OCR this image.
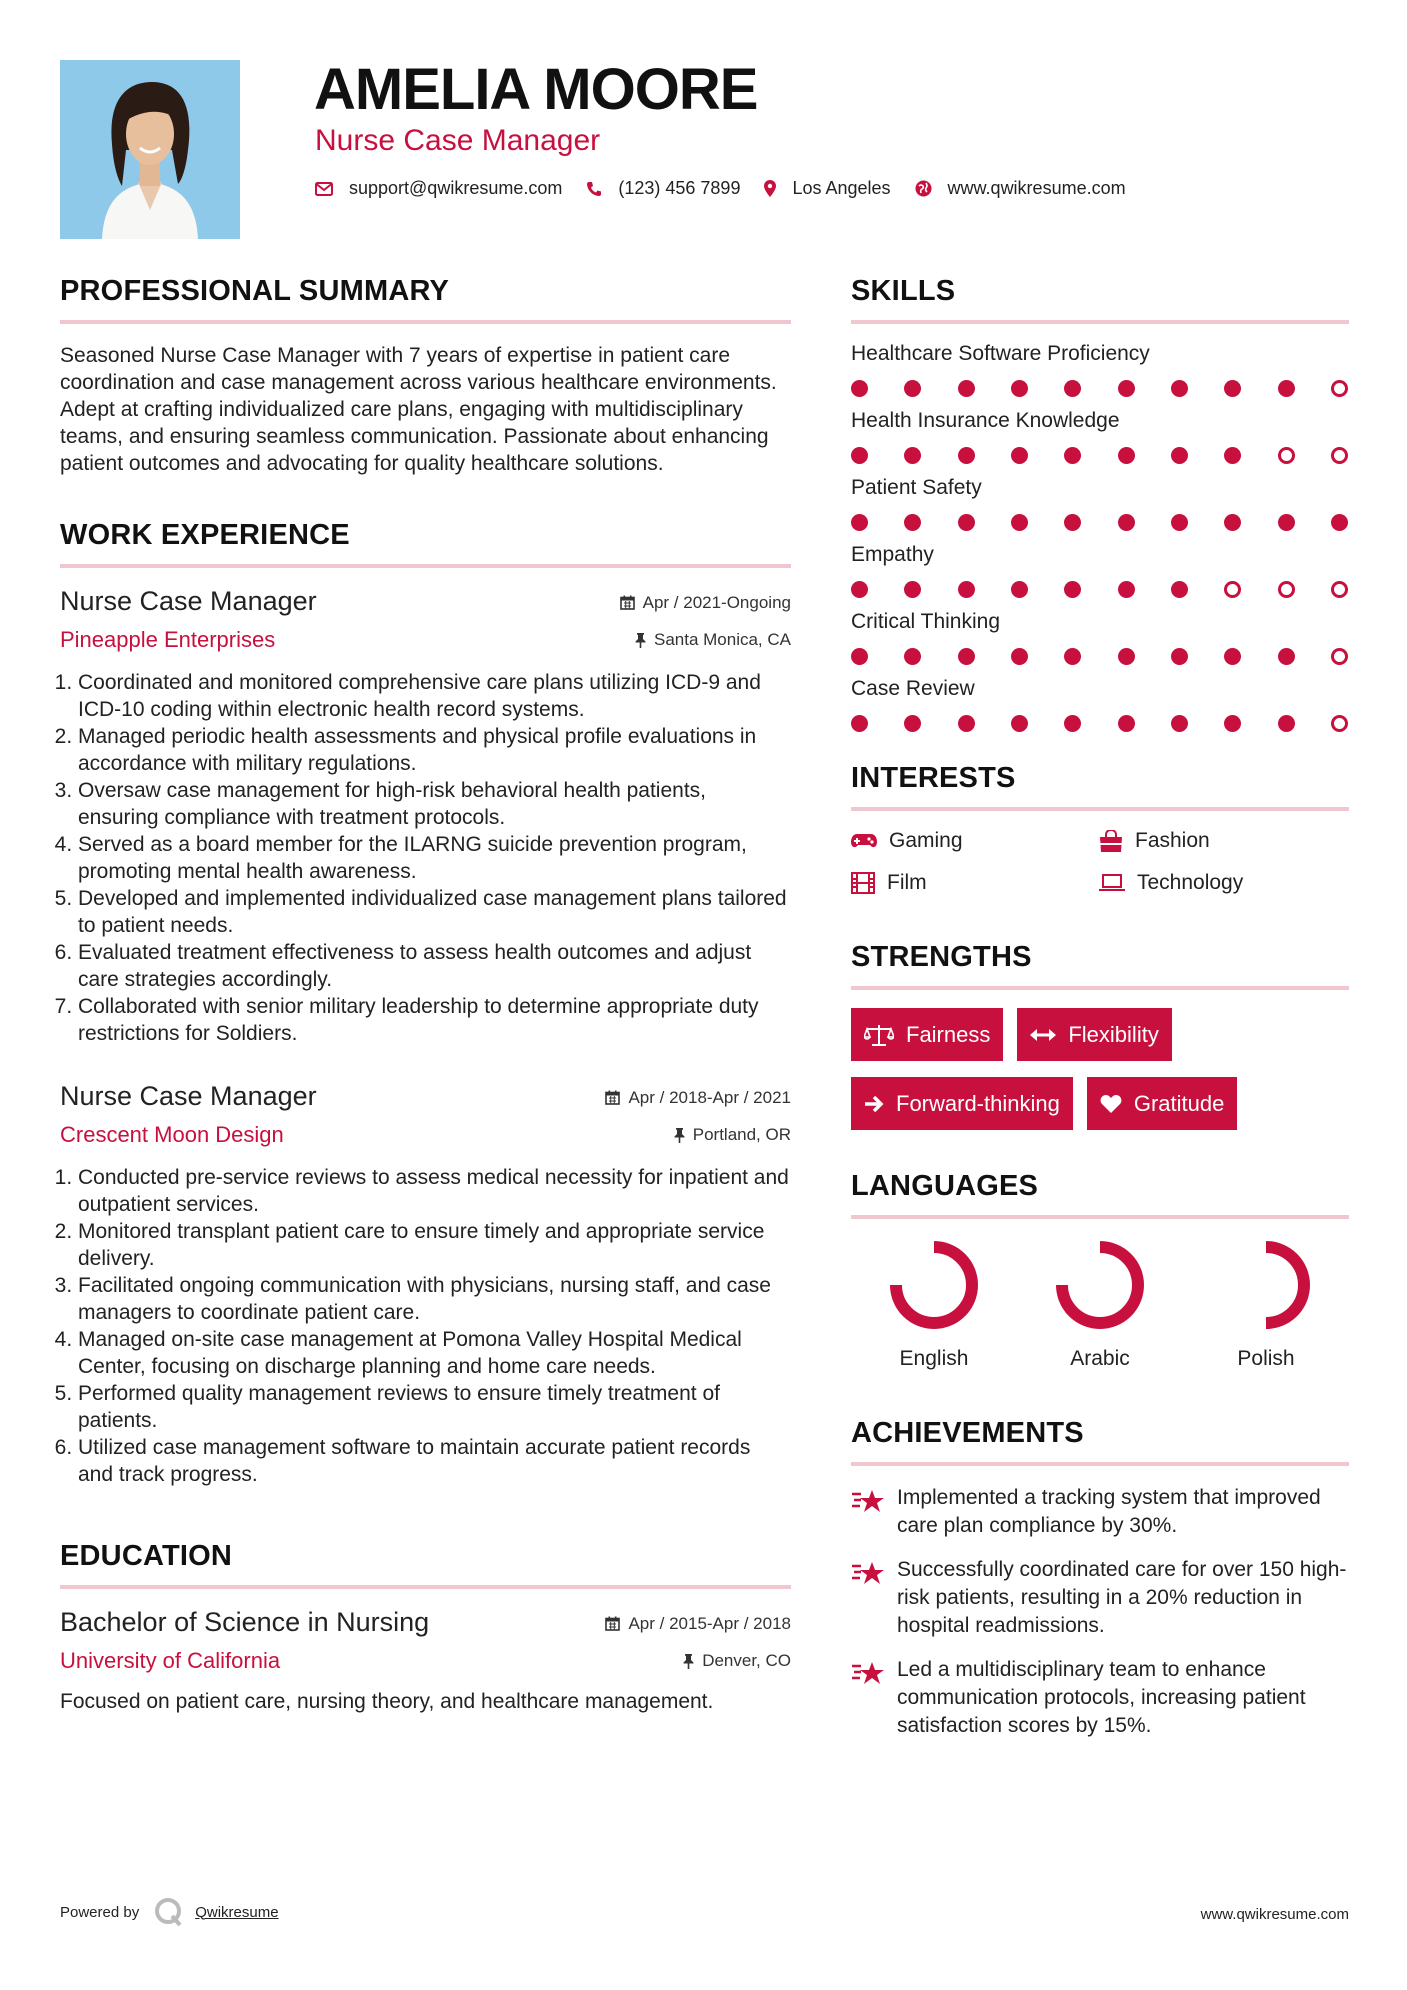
AMELIA MOORE
Nurse Case Manager
support@qwikresume.com	(123) 456 7899	Los Angeles	www.qwikresume.com
PROFESSIONAL SUMMARY

Seasoned Nurse Case Manager with 7 years of expertise in patient care coordination and case management across various healthcare environments. Adept at crafting individualized care plans, engaging with multidisciplinary teams, and ensuring seamless communication. Passionate about enhancing patient outcomes and advocating for quality healthcare solutions.

WORK EXPERIENCE
Nurse Case Manager	Apr / 2021-Ongoing
Pineapple Enterprises	Santa Monica, CA
1. Coordinated and monitored comprehensive care plans utilizing ICD-9 and ICD-10 coding within electronic health record systems.
2. Managed periodic health assessments and physical profile evaluations in accordance with military regulations.
3. Oversaw case management for high-risk behavioral health patients, ensuring compliance with treatment protocols.
4. Served as a board member for the ILARNG suicide prevention program, promoting mental health awareness.
5. Developed and implemented individualized case management plans tailored to patient needs.
6. Evaluated treatment effectiveness to assess health outcomes and adjust care strategies accordingly.
7. Collaborated with senior military leadership to determine appropriate duty restrictions for Soldiers.
Nurse Case Manager	Apr / 2018-Apr / 2021
Crescent Moon Design	Portland, OR
1. Conducted pre-service reviews to assess medical necessity for inpatient and outpatient services.
2. Monitored transplant patient care to ensure timely and appropriate service delivery.
3. Facilitated ongoing communication with physicians, nursing staff, and case managers to coordinate patient care.
4. Managed on-site case management at Pomona Valley Hospital Medical Center, focusing on discharge planning and home care needs.
5. Performed quality management reviews to ensure timely treatment of patients.
6. Utilized case management software to maintain accurate patient records and track progress.
EDUCATION
Bachelor of Science in Nursing	Apr / 2015-Apr / 2018
University of California	Denver, CO

Focused on patient care, nursing theory, and healthcare management.

SKILLS
Healthcare Software Proficiency
Health Insurance Knowledge
Patient Safety
Empathy
Critical Thinking
Case Review
INTERESTS
Gaming	Fashion
Film	Technology
STRENGTHS
Fairness	Flexibility
Forward-thinking	Gratitude
LANGUAGES
English	Arabic	Polish
ACHIEVEMENTS
Implemented a tracking system that improved care plan compliance by 30%.
Successfully coordinated care for over 150 high-risk patients, resulting in a 20% reduction in hospital readmissions.
Led a multidisciplinary team to enhance communication protocols, increasing patient satisfaction scores by 15%.
Powered by	Qwikresume	www.qwikresume.com
